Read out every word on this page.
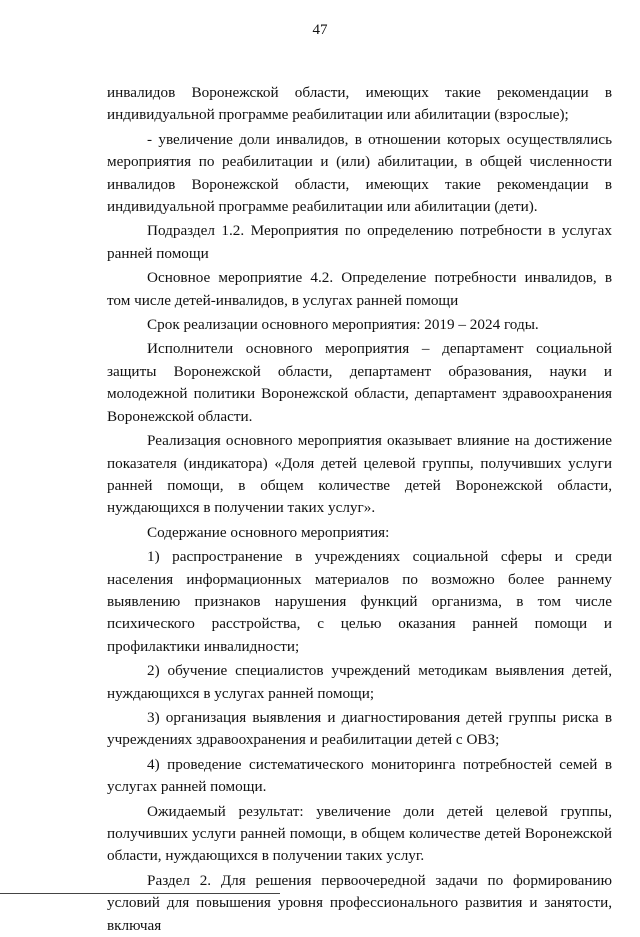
47

инвалидов Воронежской области, имеющих такие рекомендации в индивидуальной программе реабилитации или абилитации (взрослые);

- увеличение доли инвалидов, в отношении которых осуществлялись мероприятия по реабилитации и (или) абилитации, в общей численности инвалидов Воронежской области, имеющих такие рекомендации в индивидуальной программе реабилитации или абилитации (дети).

Подраздел 1.2. Мероприятия по определению потребности в услугах ранней помощи

Основное мероприятие 4.2. Определение потребности инвалидов, в том числе детей-инвалидов, в услугах ранней помощи

Срок реализации основного мероприятия: 2019 – 2024 годы.

Исполнители основного мероприятия – департамент социальной защиты Воронежской области, департамент образования, науки и молодежной политики Воронежской области, департамент здравоохранения Воронежской области.

Реализация основного мероприятия оказывает влияние на достижение показателя (индикатора) «Доля детей целевой группы, получивших услуги ранней помощи, в общем количестве детей Воронежской области, нуждающихся в получении таких услуг».

Содержание основного мероприятия:

1) распространение в учреждениях социальной сферы и среди населения информационных материалов по возможно более раннему выявлению признаков нарушения функций организма, в том числе психического расстройства, с целью оказания ранней помощи и профилактики инвалидности;

2) обучение специалистов учреждений методикам выявления детей, нуждающихся в услугах ранней помощи;

3) организация выявления и диагностирования детей группы риска в учреждениях здравоохранения и реабилитации детей с ОВЗ;

4) проведение систематического мониторинга потребностей семей в услугах ранней помощи.

Ожидаемый результат: увеличение доли детей целевой группы, получивших услуги ранней помощи, в общем количестве детей Воронежской области, нуждающихся в получении таких услуг.

Раздел 2. Для решения первоочередной задачи по формированию условий для повышения уровня профессионального развития и занятости, включая
